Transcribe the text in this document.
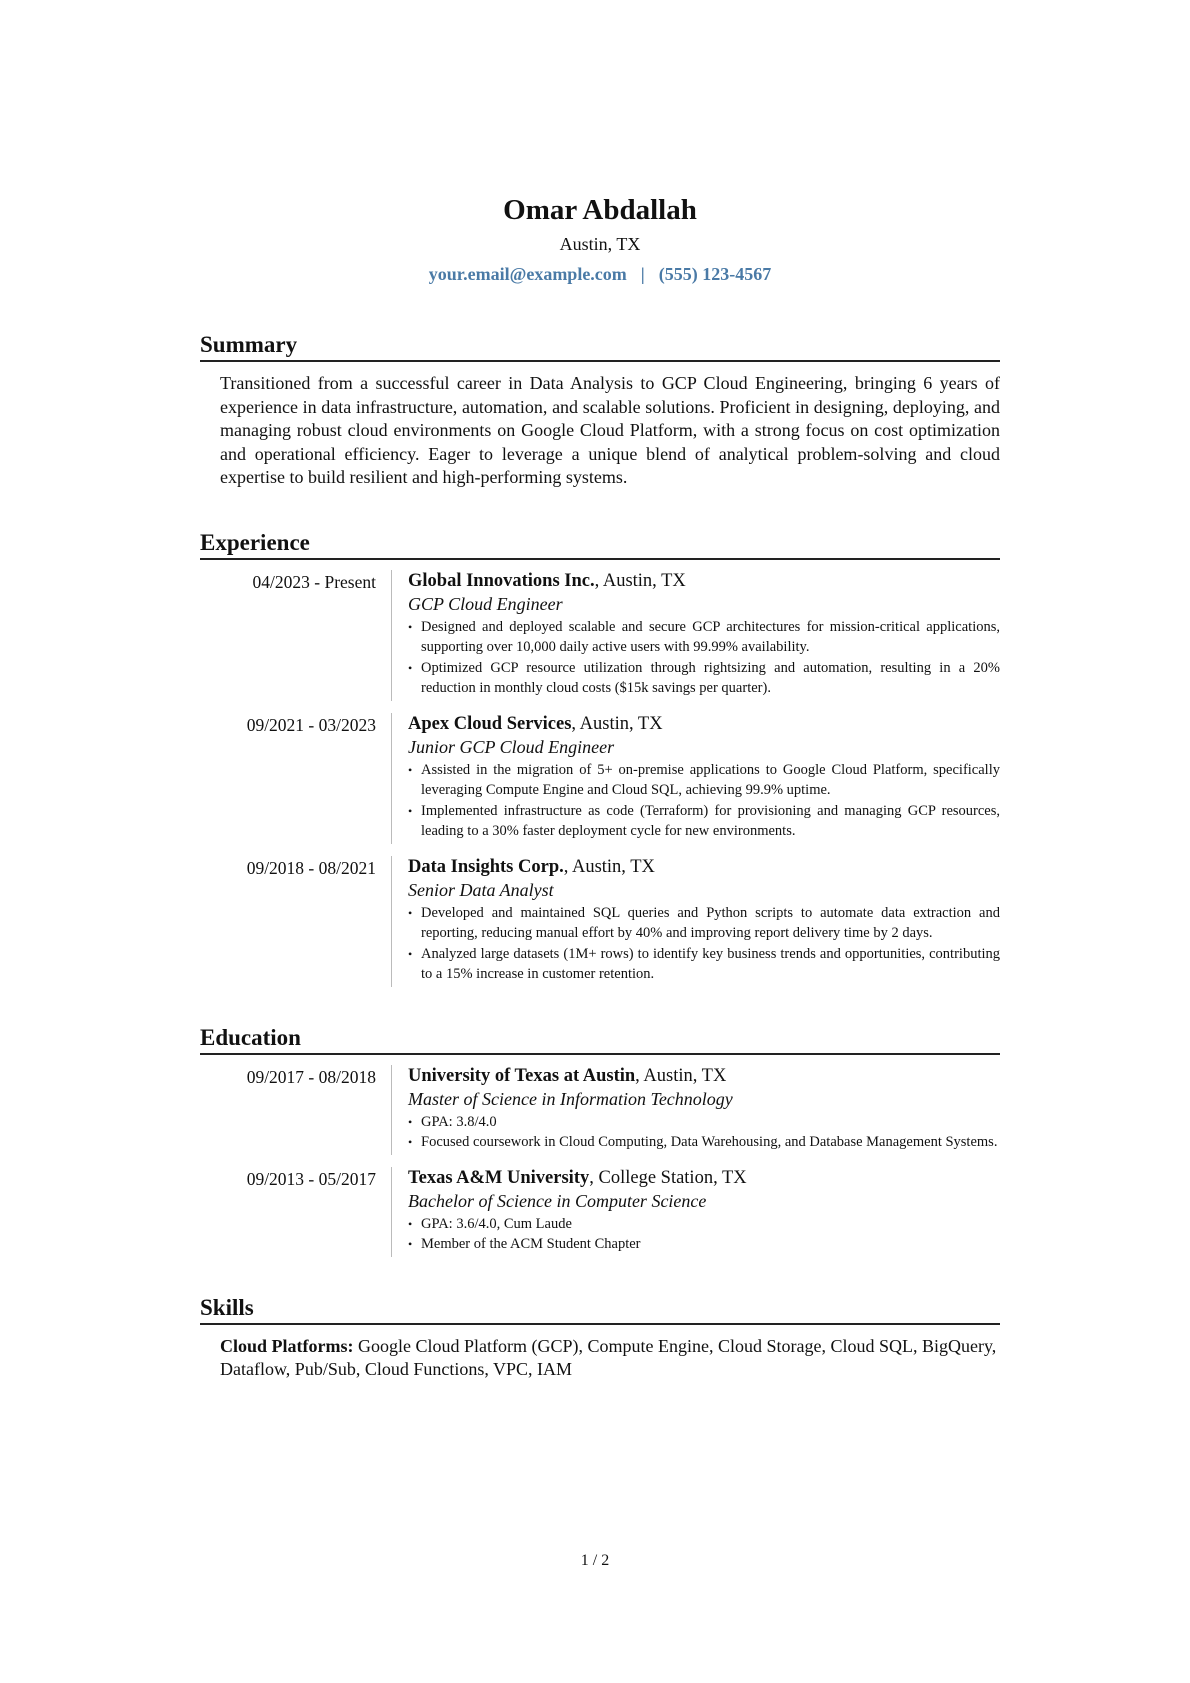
Omar Abdallah
Austin, TX
your.email@example.com | (555) 123-4567
Summary
Transitioned from a successful career in Data Analysis to GCP Cloud Engineering, bringing 6 years of experience in data infrastructure, automation, and scalable solutions. Proficient in designing, deploying, and managing robust cloud environments on Google Cloud Platform, with a strong focus on cost optimization and operational efficiency. Eager to leverage a unique blend of analytical problem-solving and cloud expertise to build resilient and high-performing systems.
Experience
04/2023 - Present	Global Innovations Inc., Austin, TX
GCP Cloud Engineer
• Designed and deployed scalable and secure GCP architectures for mission-critical applications, supporting over 10,000 daily active users with 99.99% availability.
• Optimized GCP resource utilization through rightsizing and automation, resulting in a 20% reduction in monthly cloud costs ($15k savings per quarter).
09/2021 - 03/2023	Apex Cloud Services, Austin, TX
Junior GCP Cloud Engineer
• Assisted in the migration of 5+ on-premise applications to Google Cloud Platform, specifically leveraging Compute Engine and Cloud SQL, achieving 99.9% uptime.
• Implemented infrastructure as code (Terraform) for provisioning and managing GCP resources, leading to a 30% faster deployment cycle for new environments.
09/2018 - 08/2021	Data Insights Corp., Austin, TX
Senior Data Analyst
• Developed and maintained SQL queries and Python scripts to automate data extraction and reporting, reducing manual effort by 40% and improving report delivery time by 2 days.
• Analyzed large datasets (1M+ rows) to identify key business trends and opportunities, contributing to a 15% increase in customer retention.
Education
09/2017 - 08/2018	University of Texas at Austin, Austin, TX
Master of Science in Information Technology
• GPA: 3.8/4.0
• Focused coursework in Cloud Computing, Data Warehousing, and Database Management Systems.
09/2013 - 05/2017	Texas A&M University, College Station, TX
Bachelor of Science in Computer Science
• GPA: 3.6/4.0, Cum Laude
• Member of the ACM Student Chapter
Skills
Cloud Platforms: Google Cloud Platform (GCP), Compute Engine, Cloud Storage, Cloud SQL, BigQuery, Dataflow, Pub/Sub, Cloud Functions, VPC, IAM
1 / 2
